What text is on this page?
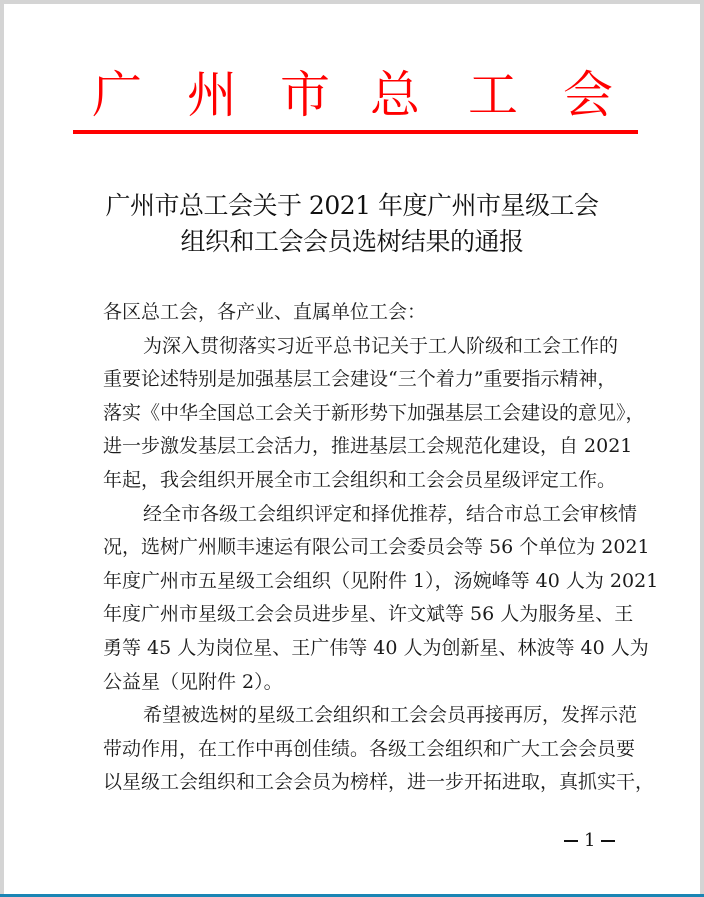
广 州 市 总 工 会
广州市总工会关于 2021 年度广州市星级工会
组织和工会会员选树结果的通报
各区总工会，各产业、直属单位工会：
为深入贯彻落实习近平总书记关于工人阶级和工会工作的
重要论述特别是加强基层工会建设“三个着力”重要指示精神，
落实《中华全国总工会关于新形势下加强基层工会建设的意见》，
进一步激发基层工会活力，推进基层工会规范化建设，自 2021
年起，我会组织开展全市工会组织和工会会员星级评定工作。
经全市各级工会组织评定和择优推荐，结合市总工会审核情
况，选树广州顺丰速运有限公司工会委员会等 56 个单位为 2021
年度广州市五星级工会组织（见附件 1），汤婉峰等 40 人为 2021
年度广州市星级工会会员进步星、许文斌等 56 人为服务星、王
勇等 45 人为岗位星、王广伟等 40 人为创新星、林波等 40 人为
公益星（见附件 2）。
希望被选树的星级工会组织和工会会员再接再厉，发挥示范
带动作用，在工作中再创佳绩。各级工会组织和广大工会会员要
以星级工会组织和工会会员为榜样，进一步开拓进取，真抓实干，
1
